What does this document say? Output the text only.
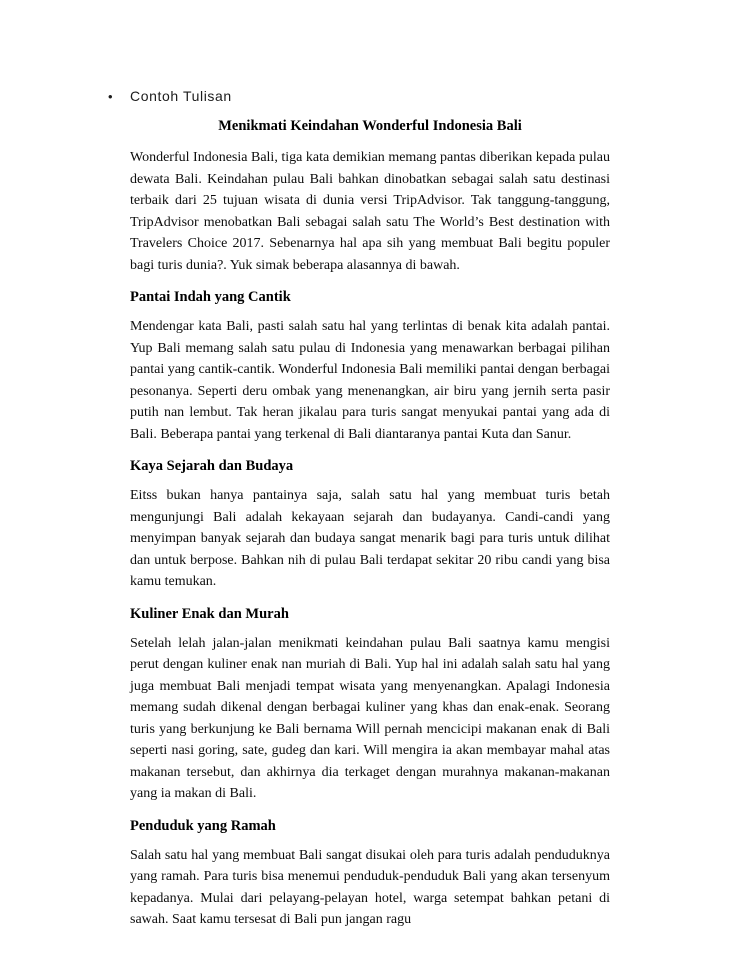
•	Contoh Tulisan
Menikmati Keindahan Wonderful Indonesia Bali

Wonderful Indonesia Bali, tiga kata demikian memang pantas diberikan kepada pulau dewata Bali. Keindahan pulau Bali bahkan dinobatkan sebagai salah satu destinasi terbaik dari 25 tujuan wisata di dunia versi TripAdvisor. Tak tanggung-tanggung, TripAdvisor menobatkan Bali sebagai salah satu The World’s Best destination with Travelers Choice 2017. Sebenarnya hal apa sih yang membuat Bali begitu populer bagi turis dunia?. Yuk simak beberapa alasannya di bawah.

Pantai Indah yang Cantik

Mendengar kata Bali, pasti salah satu hal yang terlintas di benak kita adalah pantai. Yup Bali memang salah satu pulau di Indonesia yang menawarkan berbagai pilihan pantai yang cantik-cantik. Wonderful Indonesia Bali memiliki pantai dengan berbagai pesonanya. Seperti deru ombak yang menenangkan, air biru yang jernih serta pasir putih nan lembut. Tak heran jikalau para turis sangat menyukai pantai yang ada di Bali. Beberapa pantai yang terkenal di Bali diantaranya pantai Kuta dan Sanur.

Kaya Sejarah dan Budaya

Eitss bukan hanya pantainya saja, salah satu hal yang membuat turis betah mengunjungi Bali adalah kekayaan sejarah dan budayanya. Candi-candi yang menyimpan banyak sejarah dan budaya sangat menarik bagi para turis untuk dilihat dan untuk berpose. Bahkan nih di pulau Bali terdapat sekitar 20 ribu candi yang bisa kamu temukan.

Kuliner Enak dan Murah

Setelah lelah jalan-jalan menikmati keindahan pulau Bali saatnya kamu mengisi perut dengan kuliner enak nan muriah di Bali. Yup hal ini adalah salah satu hal yang juga membuat Bali menjadi tempat wisata yang menyenangkan. Apalagi Indonesia memang sudah dikenal dengan berbagai kuliner yang khas dan enak-enak. Seorang turis yang berkunjung ke Bali bernama Will pernah mencicipi makanan enak di Bali seperti nasi goring, sate, gudeg dan kari. Will mengira ia akan membayar mahal atas makanan tersebut, dan akhirnya dia terkaget dengan murahnya makanan-makanan yang ia makan di Bali.

Penduduk yang Ramah

Salah satu hal yang membuat Bali sangat disukai oleh para turis adalah penduduknya yang ramah. Para turis bisa menemui penduduk-penduduk Bali yang akan tersenyum kepadanya. Mulai dari pelayang-pelayan hotel, warga setempat bahkan petani di sawah. Saat kamu tersesat di Bali pun jangan ragu
